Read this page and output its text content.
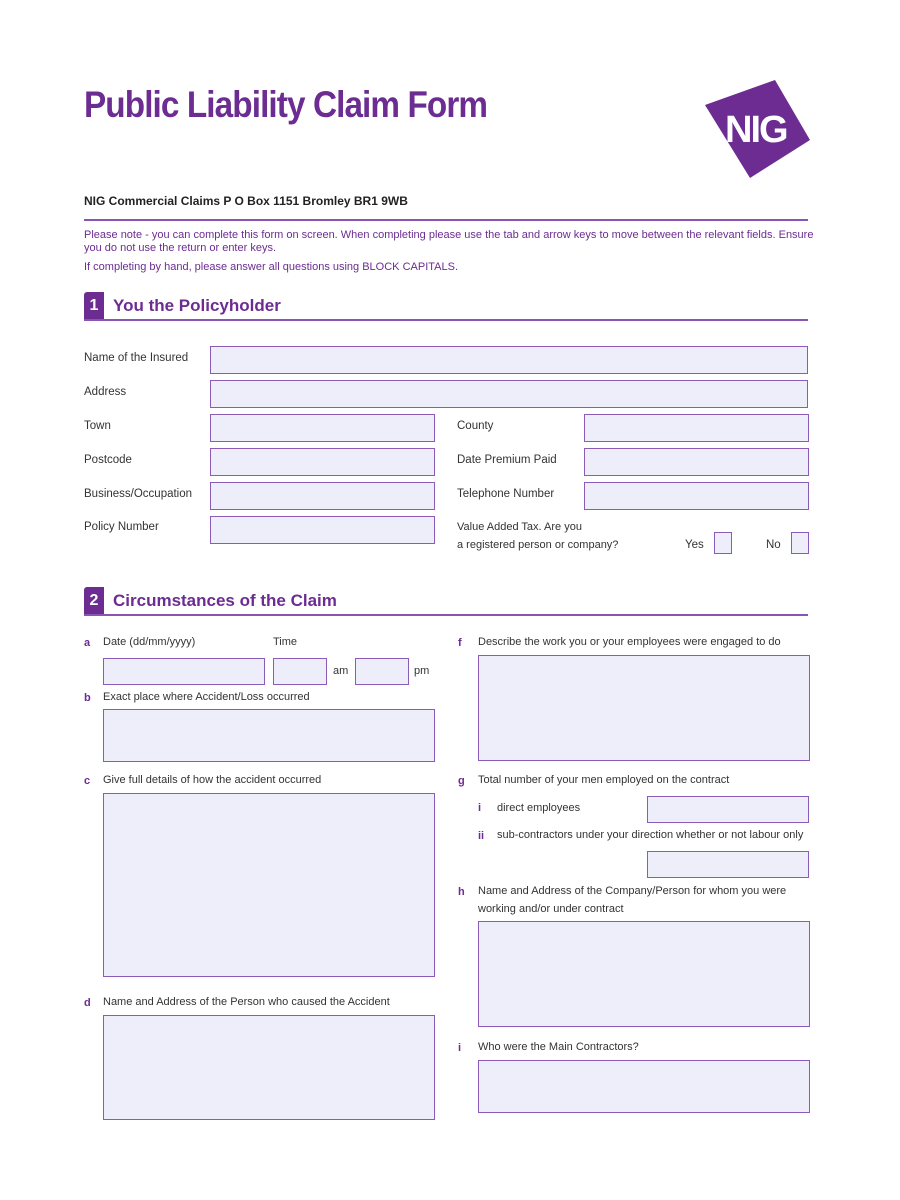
Public Liability Claim Form
NIG
NIG Commercial Claims P O Box 1151 Bromley BR1 9WB
Please note - you can complete this form on screen. When completing please use the tab and arrow keys to move between the relevant fields. Ensure you do not use the return or enter keys.
If completing by hand, please answer all questions using BLOCK CAPITALS.
1 You the Policyholder
Name of the Insured
Address
Town	County
Postcode	Date Premium Paid
Business/Occupation	Telephone Number
Policy Number	Value Added Tax. Are you
a registered person or company?	Yes	No
2 Circumstances of the Claim
a Date (dd/mm/yyyy)	Time
am	pm
b Exact place where Accident/Loss occurred
c Give full details of how the accident occurred
d Name and Address of the Person who caused the Accident
f Describe the work you or your employees were engaged to do
g Total number of your men employed on the contract
i direct employees
ii sub-contractors under your direction whether or not labour only
h Name and Address of the Company/Person for whom you were
working and/or under contract
i Who were the Main Contractors?
